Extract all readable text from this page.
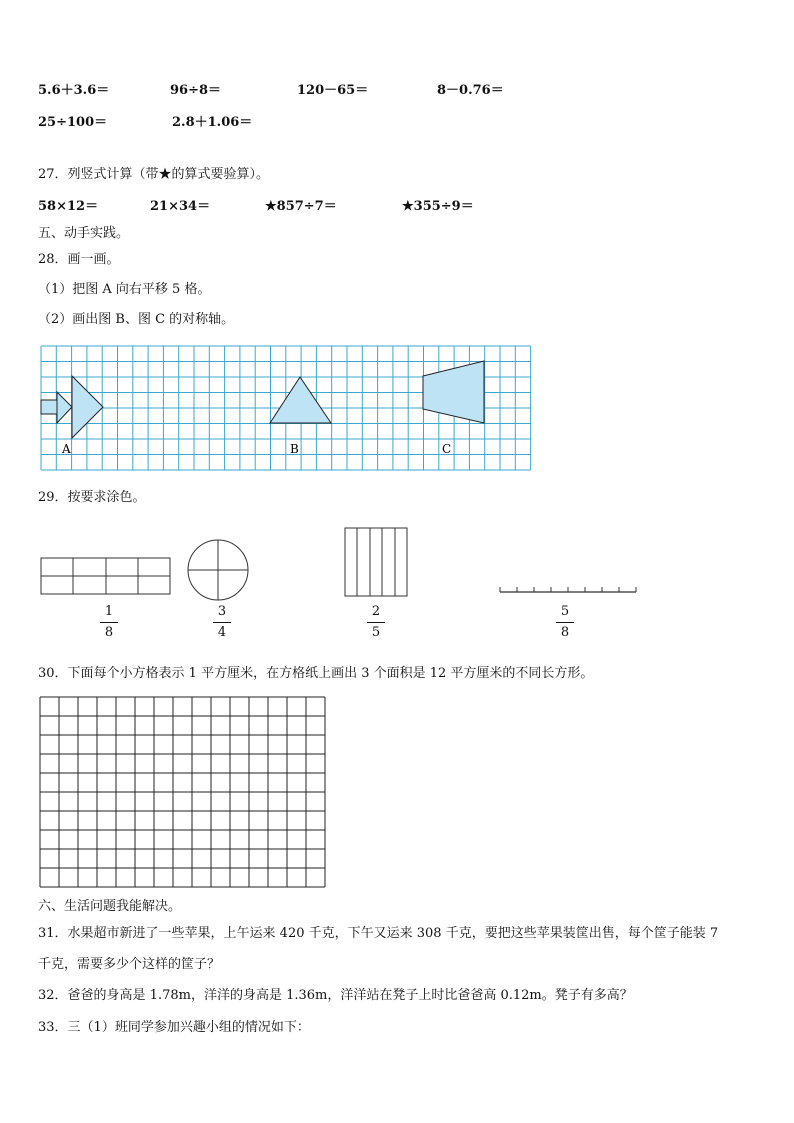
5.6＋3.6＝	96÷8＝	120－65＝	8－0.76＝
25÷100＝	2.8＋1.06＝
27．列竖式计算（带★的算式要验算）。
58×12＝	21×34＝	★857÷7＝	★355÷9＝
五、动手实践。
28．画一画。
（1）把图 A 向右平移 5 格。
（2）画出图 B、图 C 的对称轴。
A	B	C
29．按要求涂色。
1
8
3
4
2
5
5
8
30．下面每个小方格表示 1 平方厘米，在方格纸上画出 3 个面积是 12 平方厘米的不同长方形。
六、生活问题我能解决。
31．水果超市新进了一些苹果，上午运来 420 千克，下午又运来 308 千克，要把这些苹果装筐出售，每个筐子能装 7
千克，需要多少个这样的筐子？
32．爸爸的身高是 1.78m，洋洋的身高是 1.36m，洋洋站在凳子上时比爸爸高 0.12m。凳子有多高？
33．三（1）班同学参加兴趣小组的情况如下：
